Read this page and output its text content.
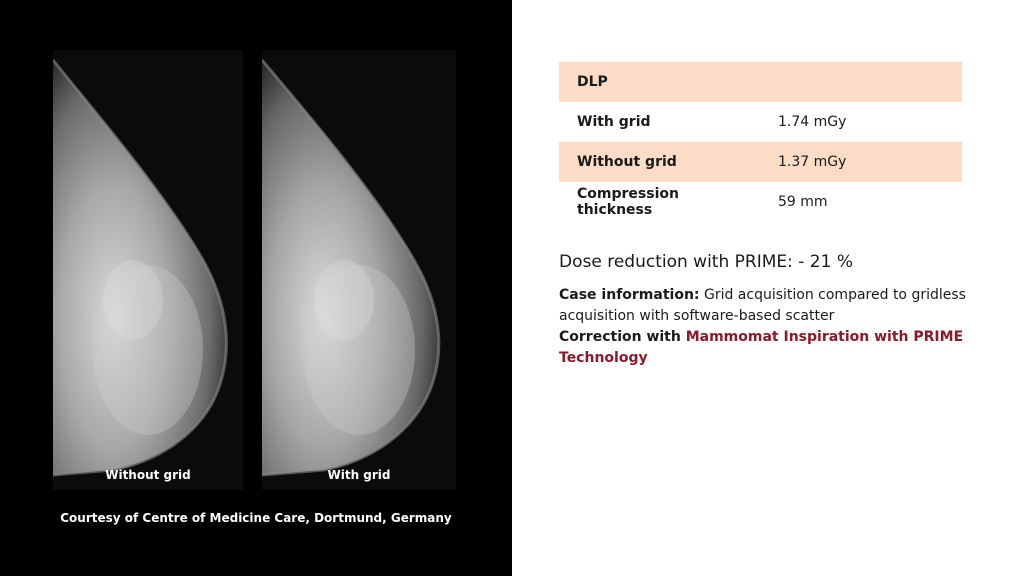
Without grid	With grid
Courtesy of Centre of Medicine Care, Dortmund, Germany
DLP	
With grid	1.74 mGy
Without grid	1.37 mGy
Compression thickness	59 mm
Dose reduction with PRIME: - 21 %

Case information: Grid acquisition compared to gridless acquisition with software-based scatter
Correction with Mammomat Inspiration with PRIME Technology
